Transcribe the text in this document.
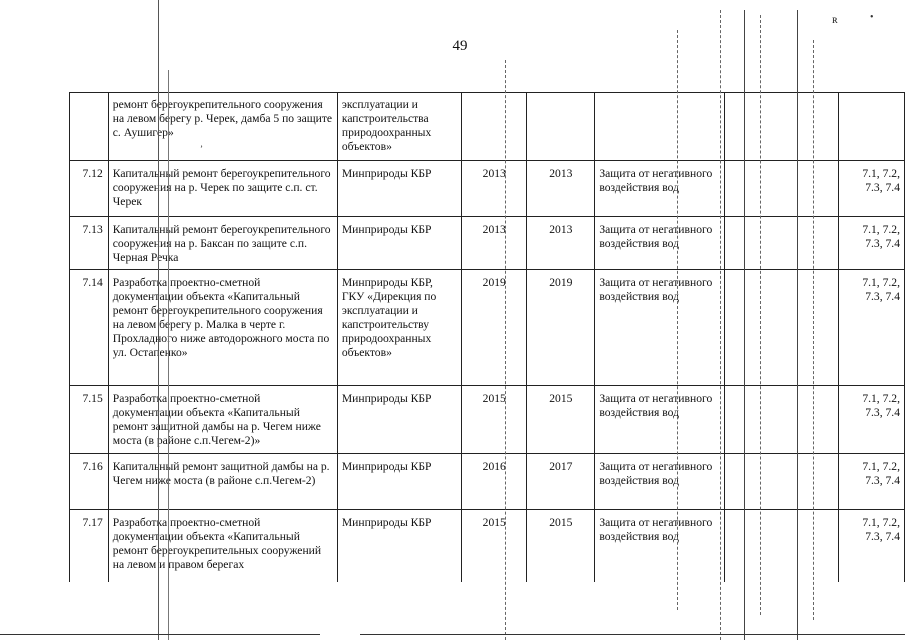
49
	ремонт берегоукрепительного сооружения на левом берегу р. Черек, дамба 5 по защите с. Аушигер»	эксплуатации и капстроительства природоохранных объектов»					
7.12	Капитальный ремонт берегоукрепительного сооружения на р. Черек по защите с.п. ст. Черек	Минприроды КБР	2013	2013	Защита от негативного воздействия вод		7.1, 7.2, 7.3, 7.4
7.13	Капитальный ремонт берегоукрепительного сооружения на р. Баксан по защите с.п. Черная Речка	Минприроды КБР	2013	2013	Защита от негативного воздействия вод		7.1, 7.2, 7.3, 7.4
7.14	Разработка проектно-сметной документации объекта «Капитальный ремонт берегоукрепительного сооружения на левом берегу р. Малка в черте г. Прохладного ниже автодорожного моста по ул. Остапенко»	Минприроды КБР, ГКУ «Дирекция по эксплуатации и капстроительству природоохранных объектов»	2019	2019	Защита от негативного воздействия вод		7.1, 7.2, 7.3, 7.4
7.15	Разработка проектно-сметной документации объекта «Капитальный ремонт защитной дамбы на р. Чегем ниже моста (в районе с.п.Чегем-2)»	Минприроды КБР	2015	2015	Защита от негативного воздействия вод		7.1, 7.2, 7.3, 7.4
7.16	Капитальный ремонт защитной дамбы на р. Чегем ниже моста (в районе с.п.Чегем-2)	Минприроды КБР	2016	2017	Защита от негативного воздействия вод		7.1, 7.2, 7.3, 7.4
7.17	Разработка проектно-сметной документации объекта «Капитальный ремонт берегоукрепительных сооружений на левом и правом берегах	Минприроды КБР	2015	2015	Защита от негативного воздействия вод		7.1, 7.2, 7.3, 7.4
ʀ	•
ʼ
